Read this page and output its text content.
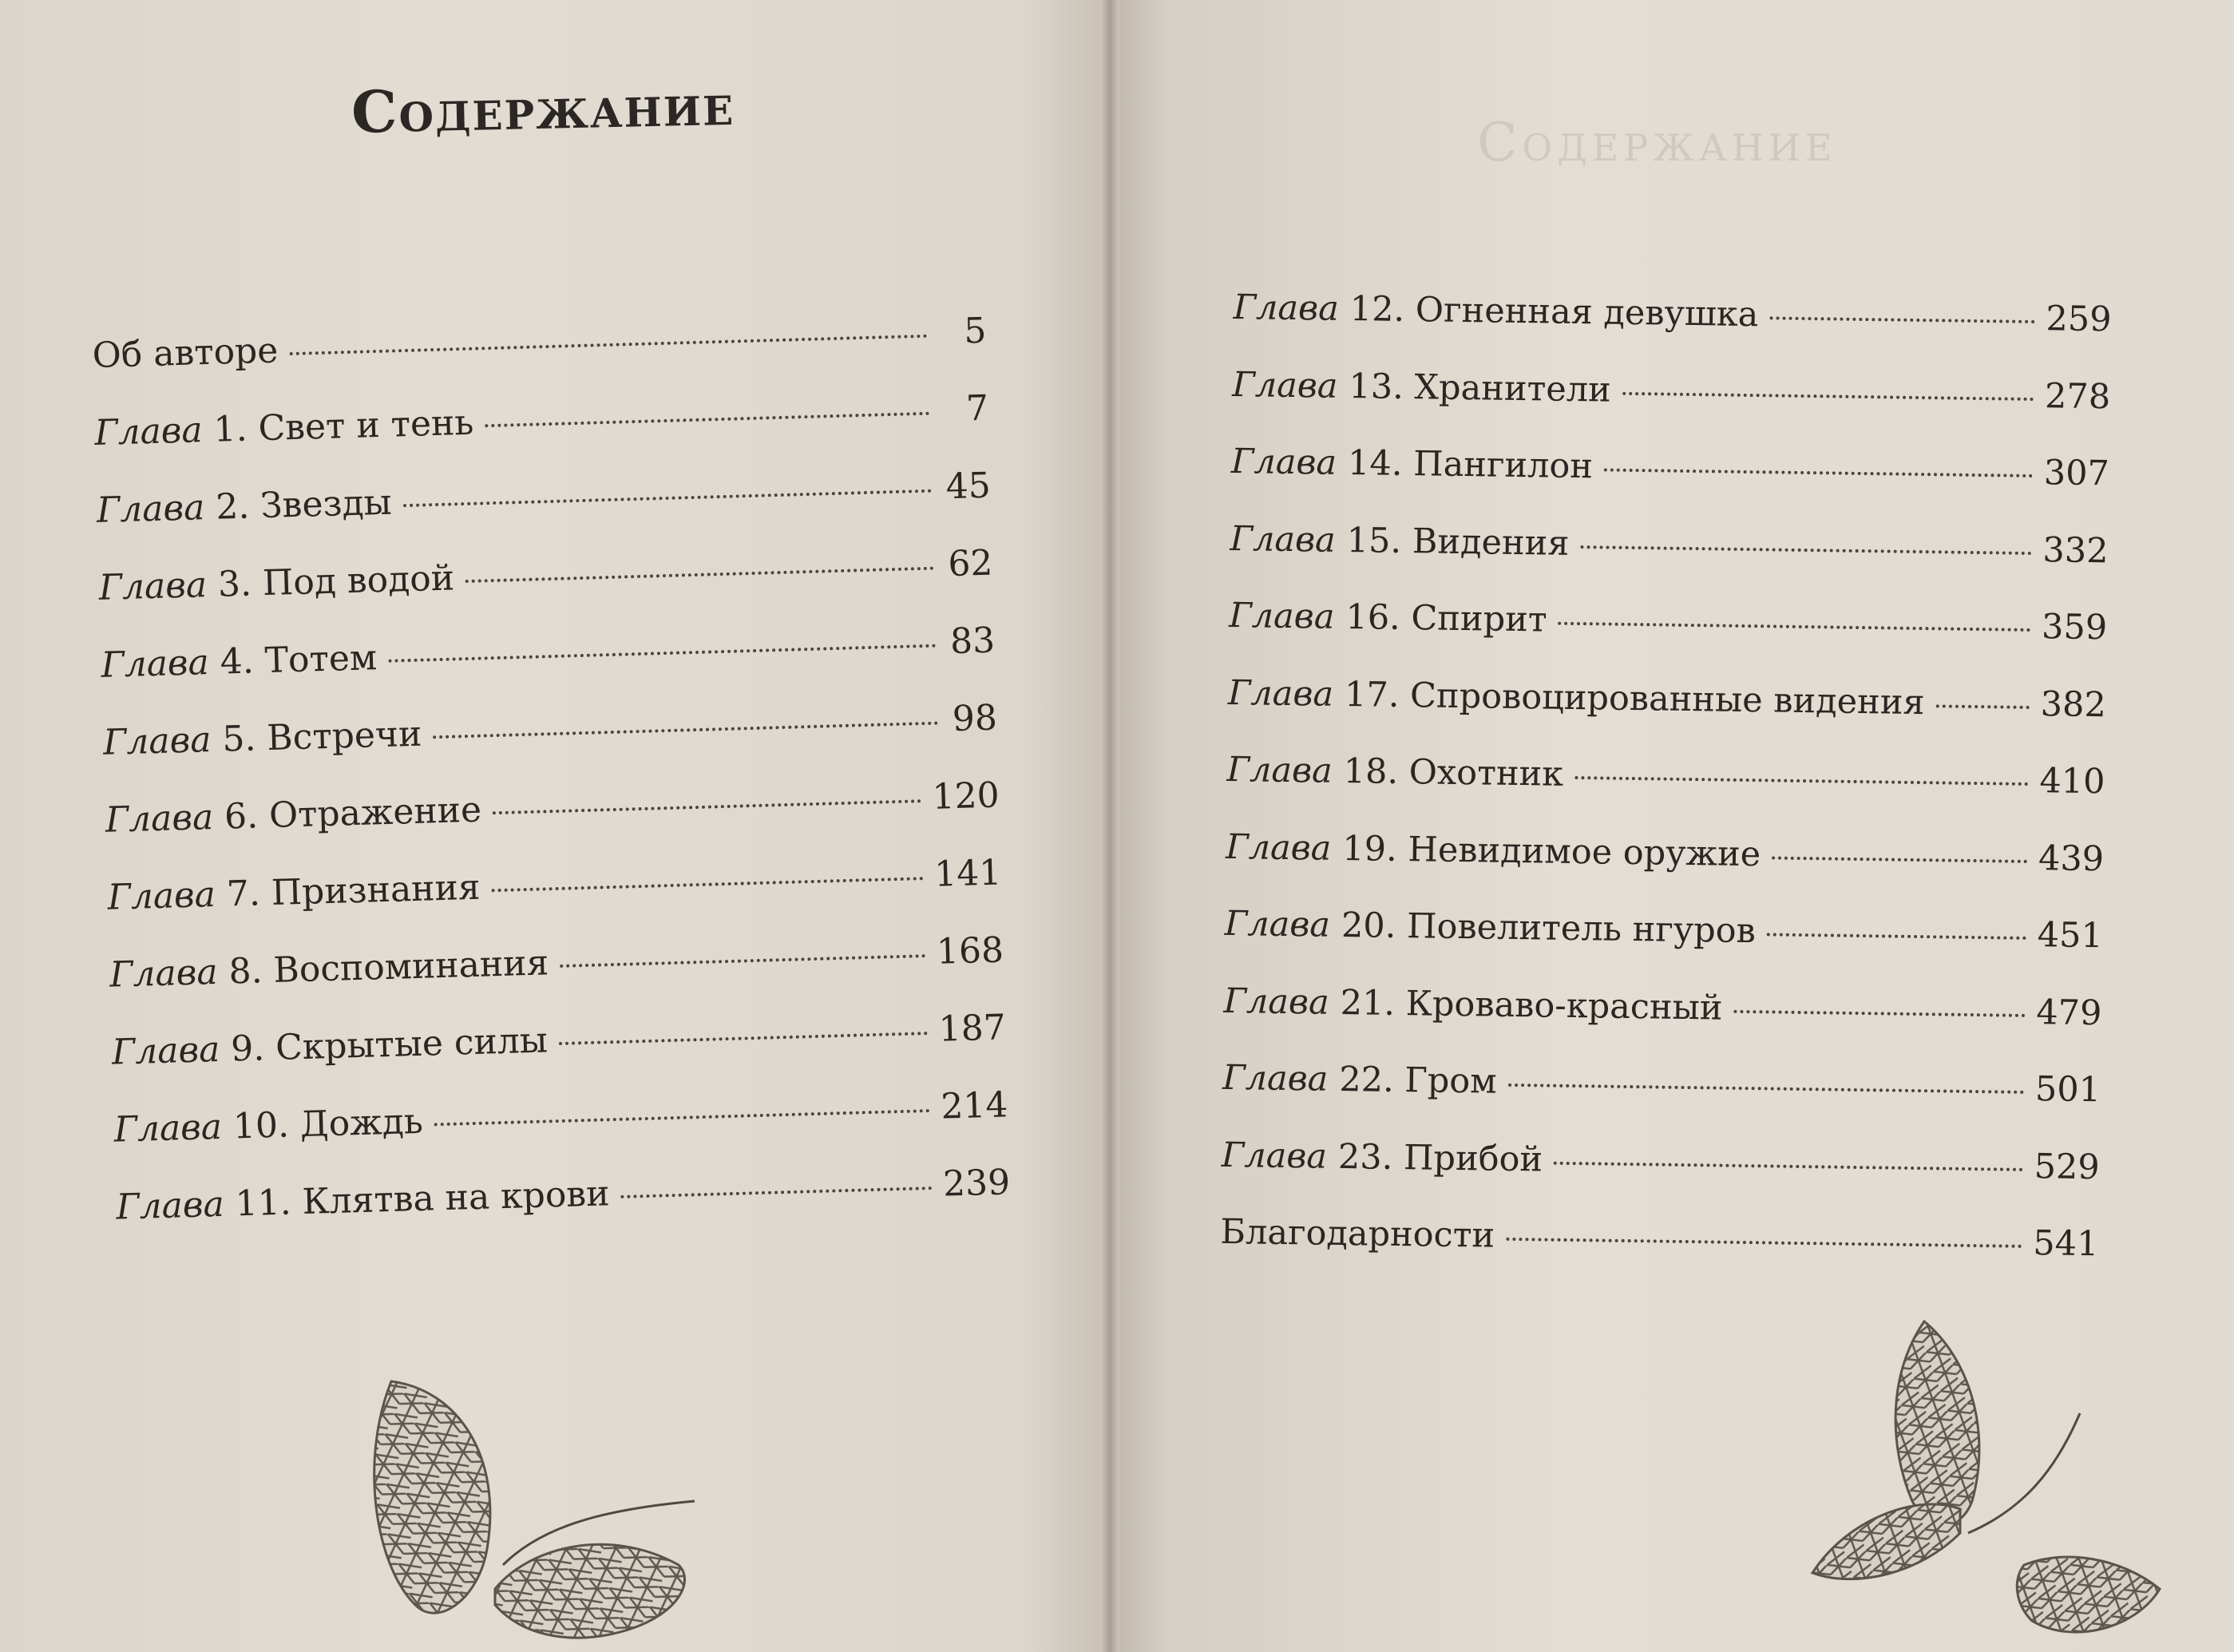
Содержание
Содержание
Об авторе	5
Глава 1. Свет и тень	7
Глава 2. Звезды	45
Глава 3. Под водой	62
Глава 4. Тотем	83
Глава 5. Встречи	98
Глава 6. Отражение	120
Глава 7. Признания	141
Глава 8. Воспоминания	168
Глава 9. Скрытые силы	187
Глава 10. Дождь	214
Глава 11. Клятва на крови	239
Глава 12. Огненная девушка	259
Глава 13. Хранители	278
Глава 14. Пангилон	307
Глава 15. Видения	332
Глава 16. Спирит	359
Глава 17. Спровоцированные видения	382
Глава 18. Охотник	410
Глава 19. Невидимое оружие	439
Глава 20. Повелитель нгуров	451
Глава 21. Кроваво-красный	479
Глава 22. Гром	501
Глава 23. Прибой	529
Благодарности	541
